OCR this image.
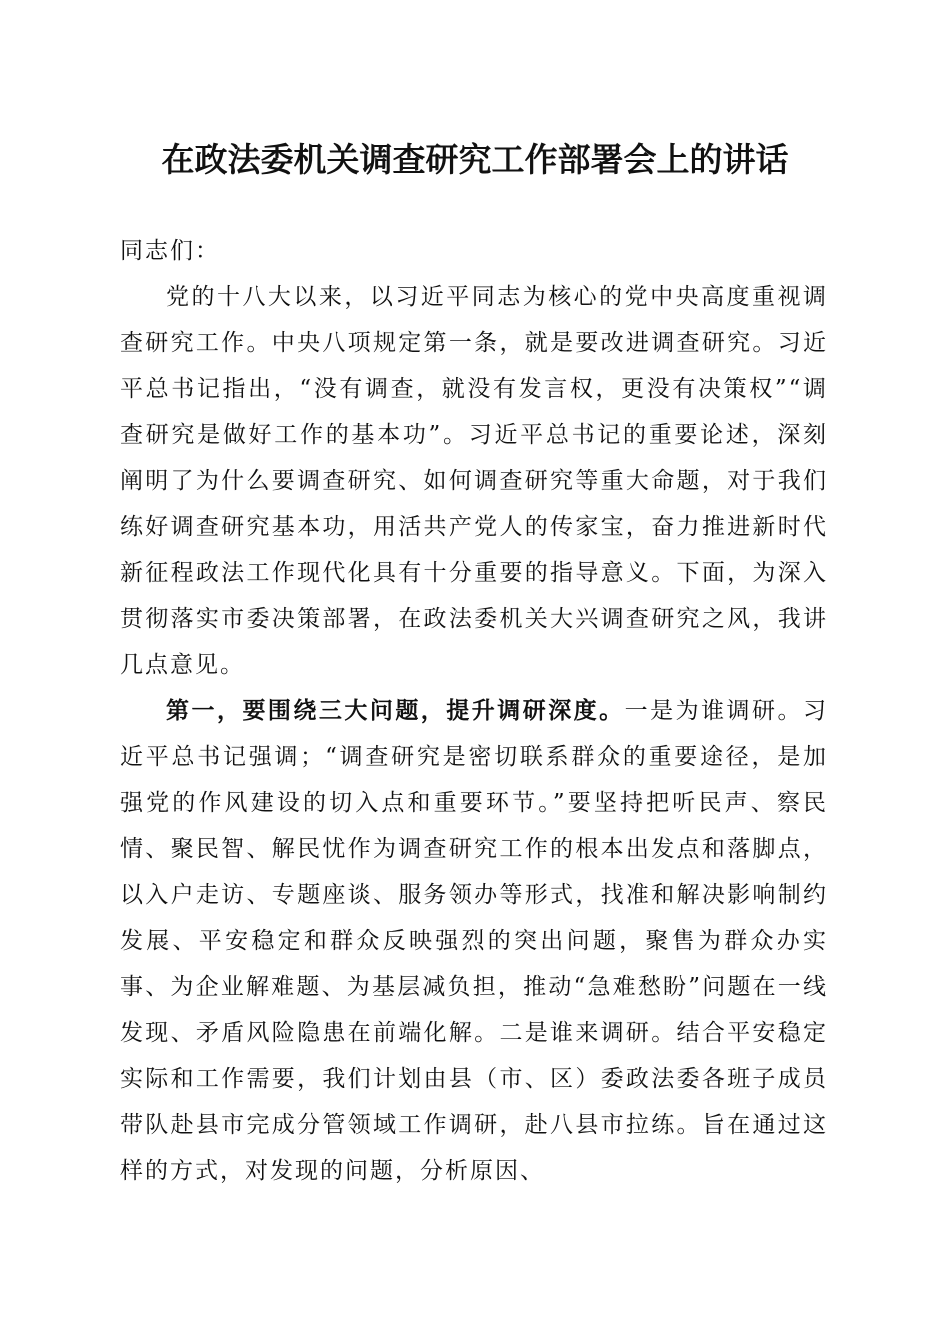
在政法委机关调查研究工作部署会上的讲话

同志们：

党的十八大以来，以习近平同志为核心的党中央高度重视调查研究工作。中央八项规定第一条，就是要改进调查研究。习近平总书记指出，“没有调查，就没有发言权，更没有决策权”“调查研究是做好工作的基本功”。习近平总书记的重要论述，深刻阐明了为什么要调查研究、如何调查研究等重大命题，对于我们练好调查研究基本功，用活共产党人的传家宝，奋力推进新时代新征程政法工作现代化具有十分重要的指导意义。下面，为深入贯彻落实市委决策部署，在政法委机关大兴调查研究之风，我讲几点意见。

第一，要围绕三大问题，提升调研深度。一是为谁调研。习近平总书记强调；“调查研究是密切联系群众的重要途径，是加强党的作风建设的切入点和重要环节。”要坚持把听民声、察民情、聚民智、解民忧作为调查研究工作的根本出发点和落脚点，以入户走访、专题座谈、服务领办等形式，找准和解决影响制约发展、平安稳定和群众反映强烈的突出问题，聚售为群众办实事、为企业解难题、为基层减负担，推动“急难愁盼”问题在一线发现、矛盾风险隐患在前端化解。二是谁来调研。结合平安稳定实际和工作需要，我们计划由县（市、区）委政法委各班子成员带队赴县市完成分管领域工作调研，赴八县市拉练。旨在通过这样的方式，对发现的问题，分析原因、
